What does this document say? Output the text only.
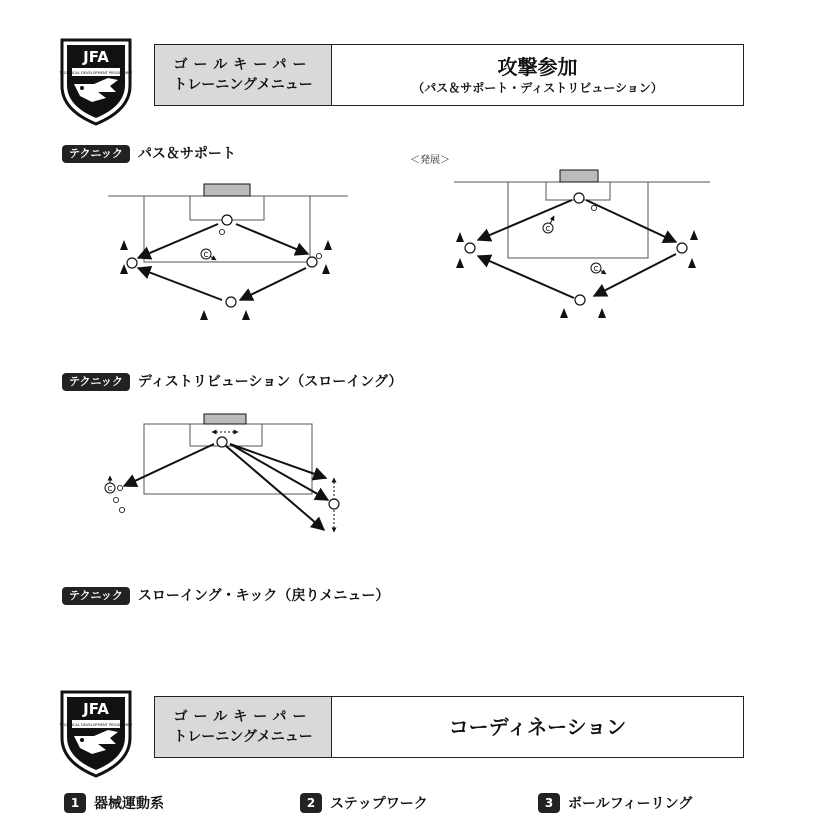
JFA
TECHNICAL DEVELOPMENT PROGRAMME	ゴールキーパー
トレーニングメニュー
攻撃参加
（パス＆サポート・ディストリビューション）
テクニック	パス＆サポート	＜発展＞
C
C
C
テクニック	ディストリビューション（スローイング）
C
テクニック	スローイング・キック（戻りメニュー）
JFA
TECHNICAL DEVELOPMENT PROGRAMME	ゴールキーパー
トレーニングメニュー	コーディネーション
1	器械運動系	2	ステップワーク	3	ボールフィーリング
